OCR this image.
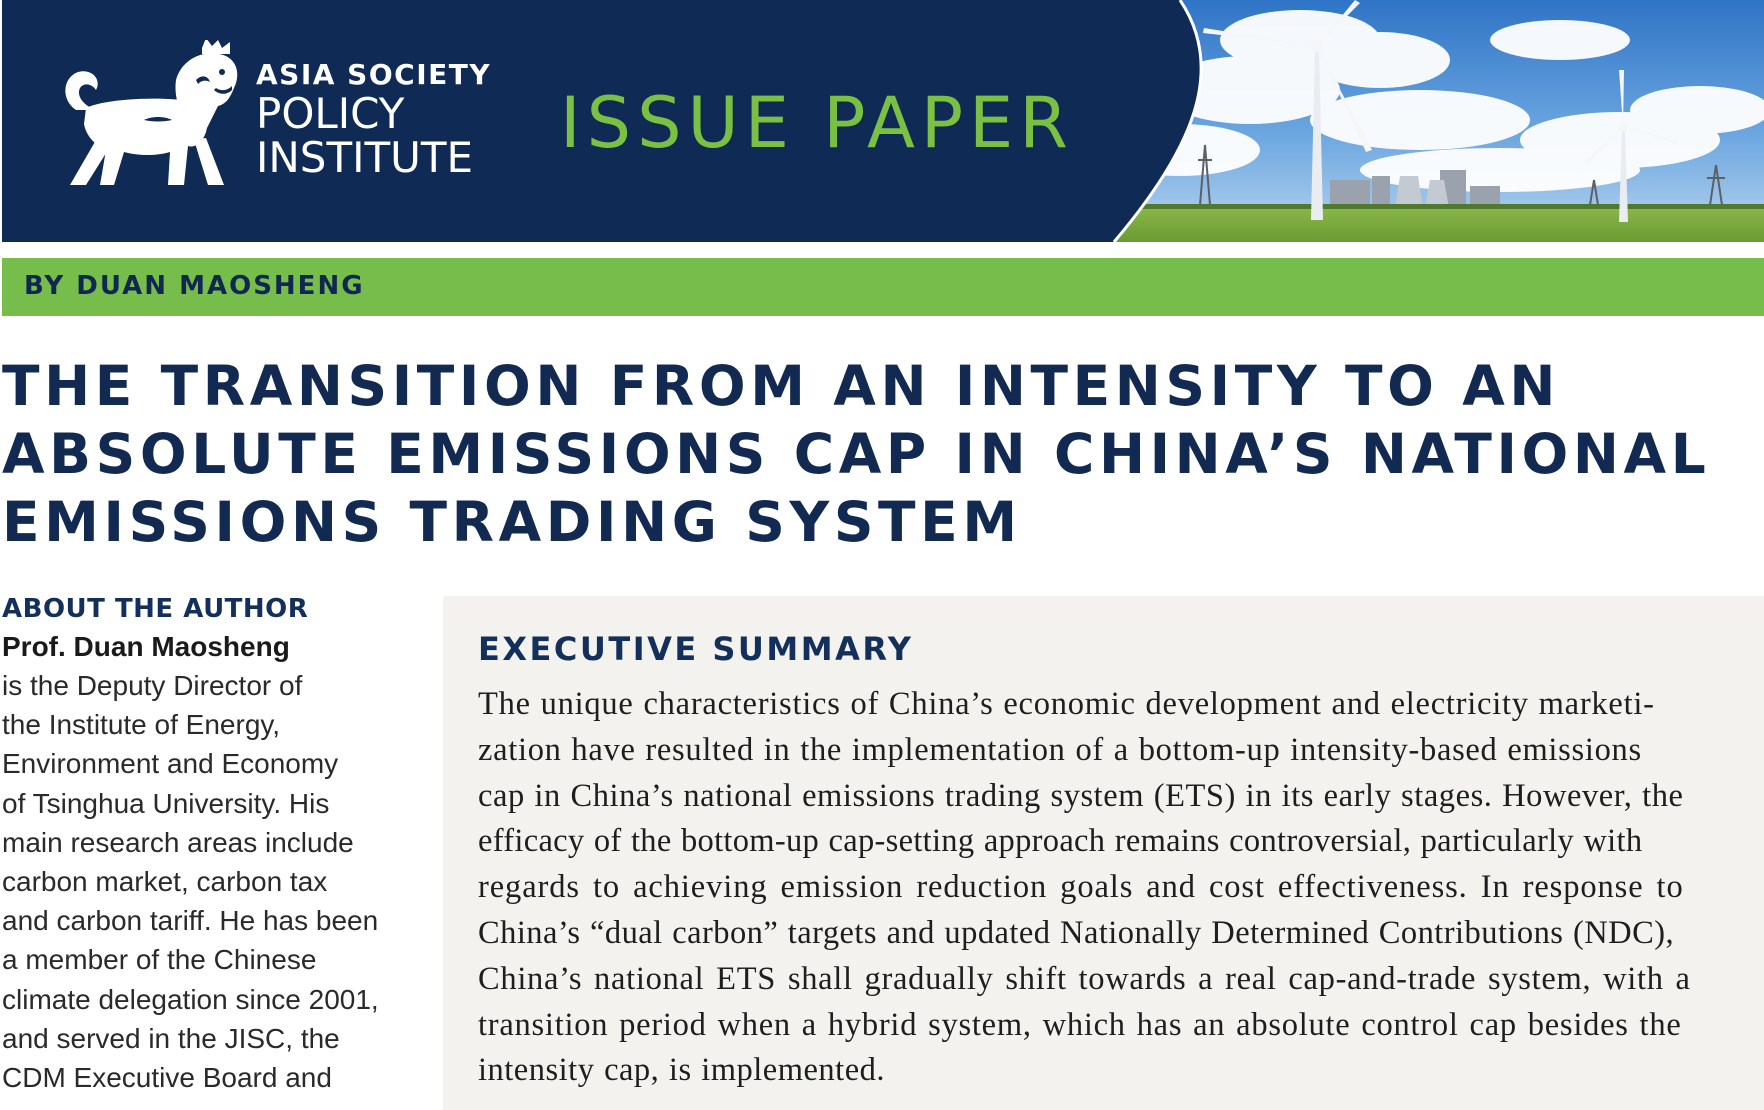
ASIA SOCIETY
POLICY
INSTITUTE ISSUE PAPER
BY DUAN MAOSHENG
THE TRANSITION FROM AN INTENSITY TO AN ABSOLUTE EMISSIONS CAP IN CHINA’S NATIONAL EMISSIONS TRADING SYSTEM
ABOUT THE AUTHOR
Prof. Duan Maosheng
is the Deputy Director of
the Institute of Energy,
Environment and Economy
of Tsinghua University. His
main research areas include
carbon market, carbon tax
and carbon tariff. He has been
a member of the Chinese
climate delegation since 2001,
and served in the JISC, the
CDM Executive Board and
EXECUTIVE SUMMARY
The unique characteristics of China’s economic development and electricity marketi-
zation have resulted in the implementation of a bottom-up intensity-based emissions
cap in China’s national emissions trading system (ETS) in its early stages. However, the
efficacy of the bottom-up cap-setting approach remains controversial, particularly with
regards to achieving emission reduction goals and cost effectiveness. In response to
China’s “dual carbon” targets and updated Nationally Determined Contributions (NDC),
China’s national ETS shall gradually shift towards a real cap-and-trade system, with a
transition period when a hybrid system, which has an absolute control cap besides the
intensity cap, is implemented.
